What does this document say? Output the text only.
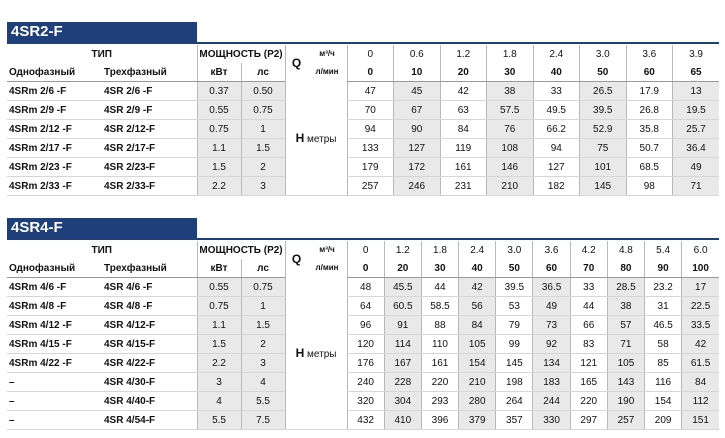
4SR2-F
ТИП	МОЩНОСТЬ (P2)	
Q	м³/ч
л/мин
	0	0.6	1.2	1.8	2.4	3.0	3.6	3.9
Однофазный	Трехфазный	кВт	лс	0	10	20	30	40	50	60	65
4SRm 2/6 -F	4SR 2/6 -F	0.37	0.50	H метры	47	45	42	38	33	26.5	17.9	13
4SRm 2/9 -F	4SR 2/9 -F	0.55	0.75	70	67	63	57.5	49.5	39.5	26.8	19.5
4SRm 2/12 -F	4SR 2/12-F	0.75	1	94	90	84	76	66.2	52.9	35.8	25.7
4SRm 2/17 -F	4SR 2/17-F	1.1	1.5	133	127	119	108	94	75	50.7	36.4
4SRm 2/23 -F	4SR 2/23-F	1.5	2	179	172	161	146	127	101	68.5	49
4SRm 2/33 -F	4SR 2/33-F	2.2	3	257	246	231	210	182	145	98	71
4SR4-F
ТИП	МОЩНОСТЬ (P2)	
Q	м³/ч
л/мин
	0	1.2	1.8	2.4	3.0	3.6	4.2	4.8	5.4	6.0
Однофазный	Трехфазный	кВт	лс	0	20	30	40	50	60	70	80	90	100
4SRm 4/6 -F	4SR 4/6 -F	0.55	0.75	H метры	48	45.5	44	42	39.5	36.5	33	28.5	23.2	17
4SRm 4/8 -F	4SR 4/8 -F	0.75	1	64	60.5	58.5	56	53	49	44	38	31	22.5
4SRm 4/12 -F	4SR 4/12-F	1.1	1.5	96	91	88	84	79	73	66	57	46.5	33.5
4SRm 4/15 -F	4SR 4/15-F	1.5	2	120	114	110	105	99	92	83	71	58	42
4SRm 4/22 -F	4SR 4/22-F	2.2	3	176	167	161	154	145	134	121	105	85	61.5
–	4SR 4/30-F	3	4	240	228	220	210	198	183	165	143	116	84
–	4SR 4/40-F	4	5.5	320	304	293	280	264	244	220	190	154	112
–	4SR 4/54-F	5.5	7.5	432	410	396	379	357	330	297	257	209	151
